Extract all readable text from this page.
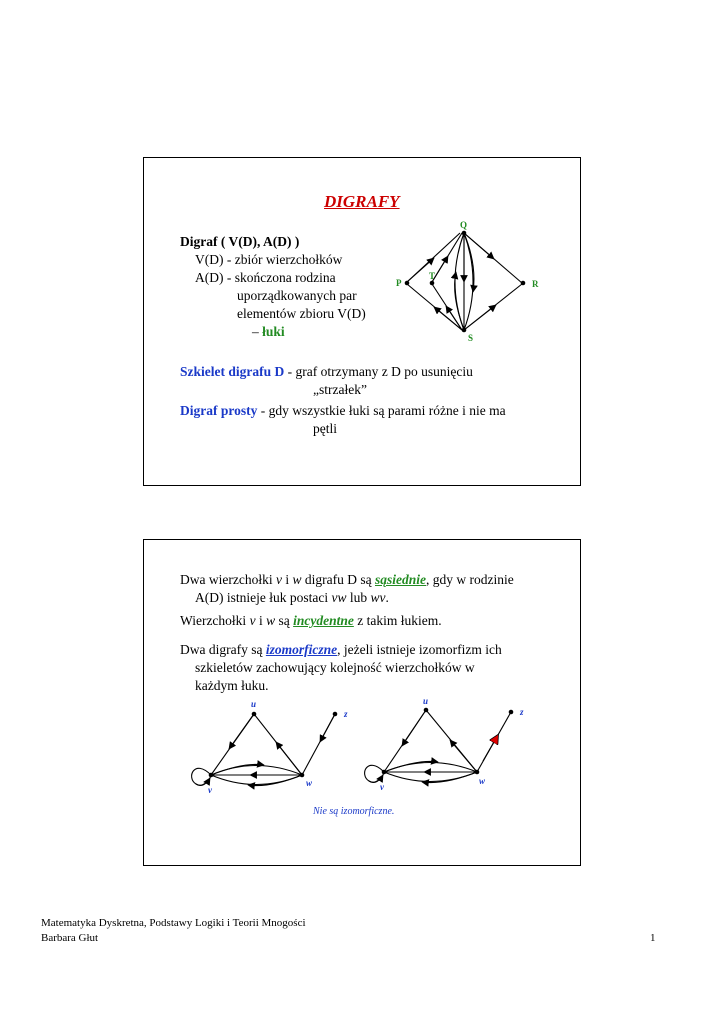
DIGRAFY
Digraf ( V(D), A(D) )
V(D) - zbiór wierzchołków
A(D) - skończona rodzina
uporządkowanych par
elementów zbioru V(D)
– łuki
Szkielet digrafu D - graf otrzymany z D po usunięciu
„strzałek”
Digraf prosty - gdy wszystkie łuki są parami różne i nie ma
pętli
Q
P
T
R
S
Dwa wierzchołki v i w digrafu D są sąsiednie, gdy w rodzinie
A(D) istnieje łuk postaci vw lub wv.
Wierzchołki v i w są incydentne z takim łukiem.
Dwa digrafy są izomorficzne, jeżeli istnieje izomorfizm ich
szkieletów zachowujący kolejność wierzchołków w
każdym łuku.
u
z
v
w
u
z
v
w
Nie są izomorficzne.
Matematyka Dyskretna, Podstawy Logiki i Teorii Mnogości
Barbara Głut	1
